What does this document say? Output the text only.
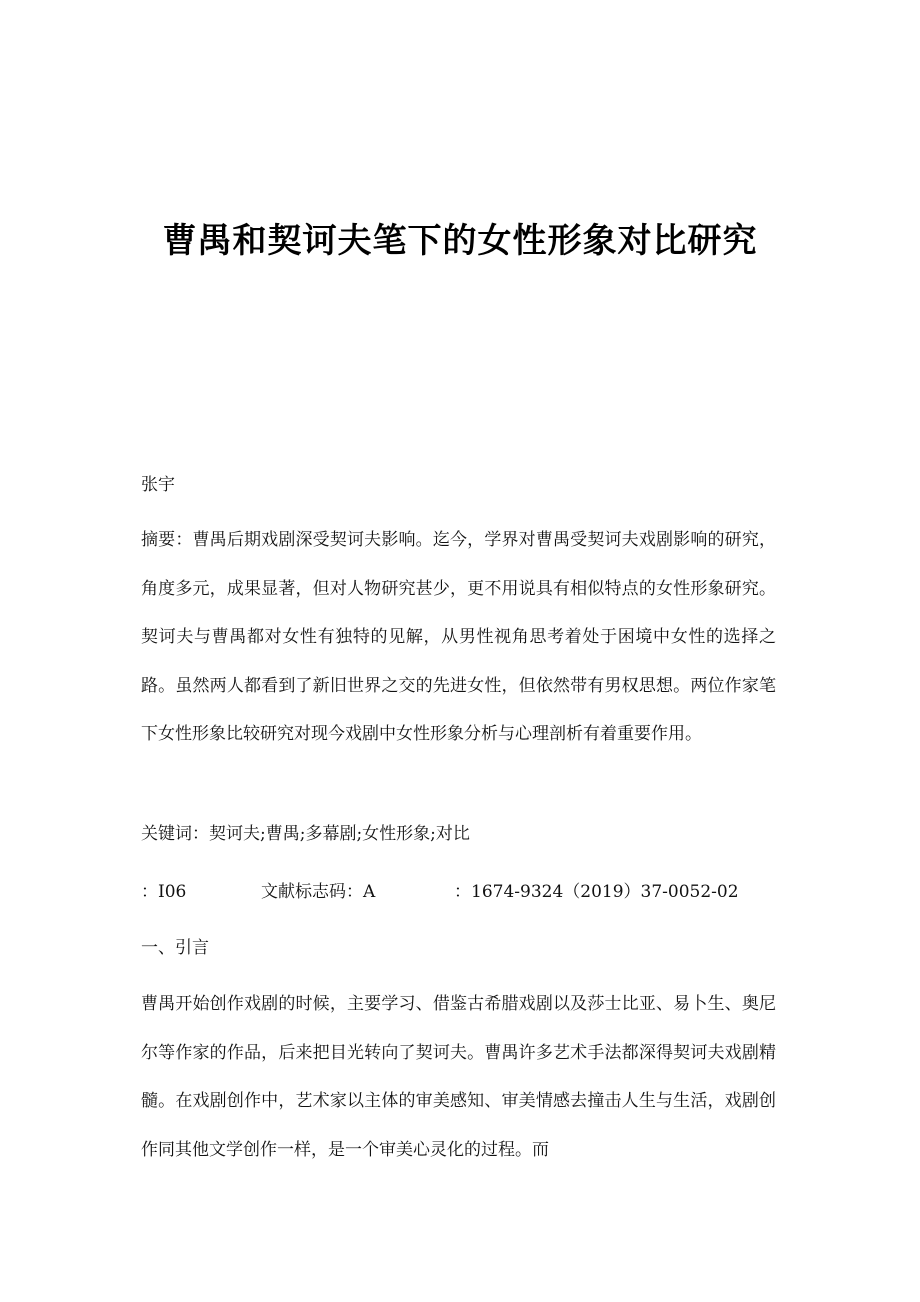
曹禺和契诃夫笔下的女性形象对比研究
张宇

摘要：曹禺后期戏剧深受契诃夫影响。迄今，学界对曹禺受契诃夫戏剧影响的研究，角度多元，成果显著，但对人物研究甚少，更不用说具有相似特点的女性形象研究。契诃夫与曹禺都对女性有独特的见解，从男性视角思考着处于困境中女性的选择之路。虽然两人都看到了新旧世界之交的先进女性，但依然带有男权思想。两位作家笔下女性形象比较研究对现今戏剧中女性形象分析与心理剖析有着重要作用。

关键词：契诃夫;曹禺;多幕剧;女性形象;对比

：I06	文献标志码：A	：1674-9324（2019）37-0052-02

一、引言

曹禺开始创作戏剧的时候，主要学习、借鉴古希腊戏剧以及莎士比亚、易卜生、奥尼尔等作家的作品，后来把目光转向了契诃夫。曹禺许多艺术手法都深得契诃夫戏剧精髓。在戏剧创作中，艺术家以主体的审美感知、审美情感去撞击人生与生活，戏剧创作同其他文学创作一样，是一个审美心灵化的过程。而
